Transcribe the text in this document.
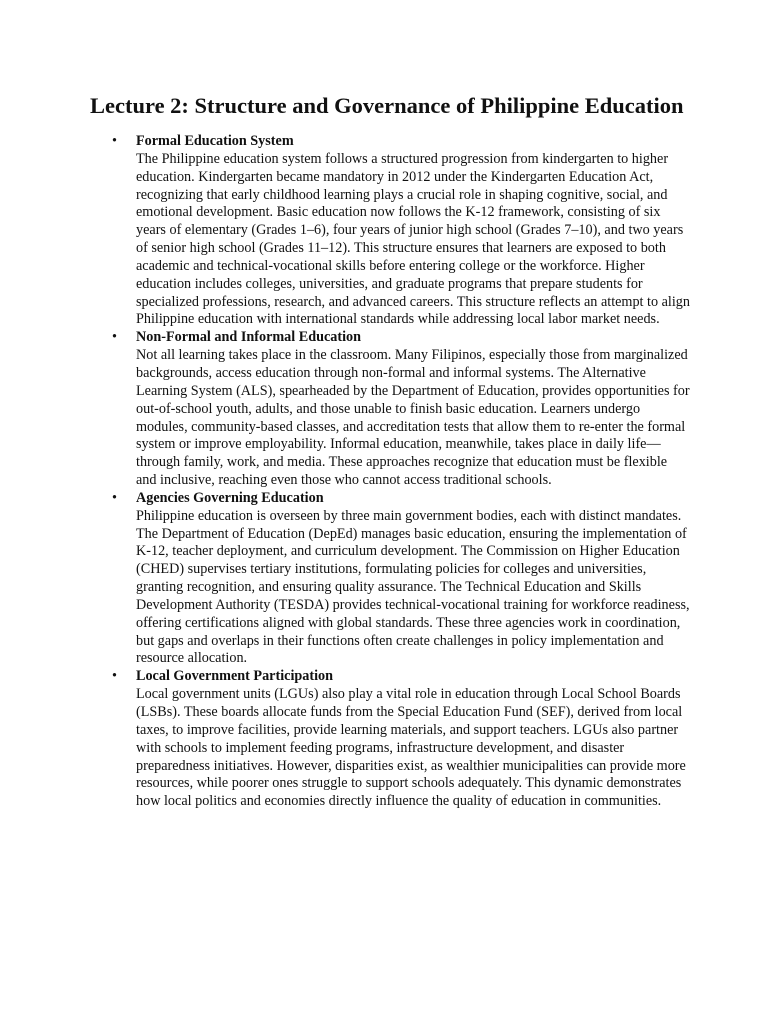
Lecture 2: Structure and Governance of Philippine Education
• Formal Education System
The Philippine education system follows a structured progression from kindergarten to higher education. Kindergarten became mandatory in 2012 under the Kindergarten Education Act, recognizing that early childhood learning plays a crucial role in shaping cognitive, social, and emotional development. Basic education now follows the K-12 framework, consisting of six years of elementary (Grades 1–6), four years of junior high school (Grades 7–10), and two years of senior high school (Grades 11–12). This structure ensures that learners are exposed to both academic and technical-vocational skills before entering college or the workforce. Higher education includes colleges, universities, and graduate programs that prepare students for specialized professions, research, and advanced careers. This structure reflects an attempt to align Philippine education with international standards while addressing local labor market needs.
• Non-Formal and Informal Education
Not all learning takes place in the classroom. Many Filipinos, especially those from marginalized backgrounds, access education through non-formal and informal systems. The Alternative Learning System (ALS), spearheaded by the Department of Education, provides opportunities for out-of-school youth, adults, and those unable to finish basic education. Learners undergo modules, community-based classes, and accreditation tests that allow them to re-enter the formal system or improve employability. Informal education, meanwhile, takes place in daily life—through family, work, and media. These approaches recognize that education must be flexible and inclusive, reaching even those who cannot access traditional schools.
• Agencies Governing Education
Philippine education is overseen by three main government bodies, each with distinct mandates. The Department of Education (DepEd) manages basic education, ensuring the implementation of K-12, teacher deployment, and curriculum development. The Commission on Higher Education (CHED) supervises tertiary institutions, formulating policies for colleges and universities, granting recognition, and ensuring quality assurance. The Technical Education and Skills Development Authority (TESDA) provides technical-vocational training for workforce readiness, offering certifications aligned with global standards. These three agencies work in coordination, but gaps and overlaps in their functions often create challenges in policy implementation and resource allocation.
• Local Government Participation
Local government units (LGUs) also play a vital role in education through Local School Boards (LSBs). These boards allocate funds from the Special Education Fund (SEF), derived from local taxes, to improve facilities, provide learning materials, and support teachers. LGUs also partner with schools to implement feeding programs, infrastructure development, and disaster preparedness initiatives. However, disparities exist, as wealthier municipalities can provide more resources, while poorer ones struggle to support schools adequately. This dynamic demonstrates how local politics and economies directly influence the quality of education in communities.
